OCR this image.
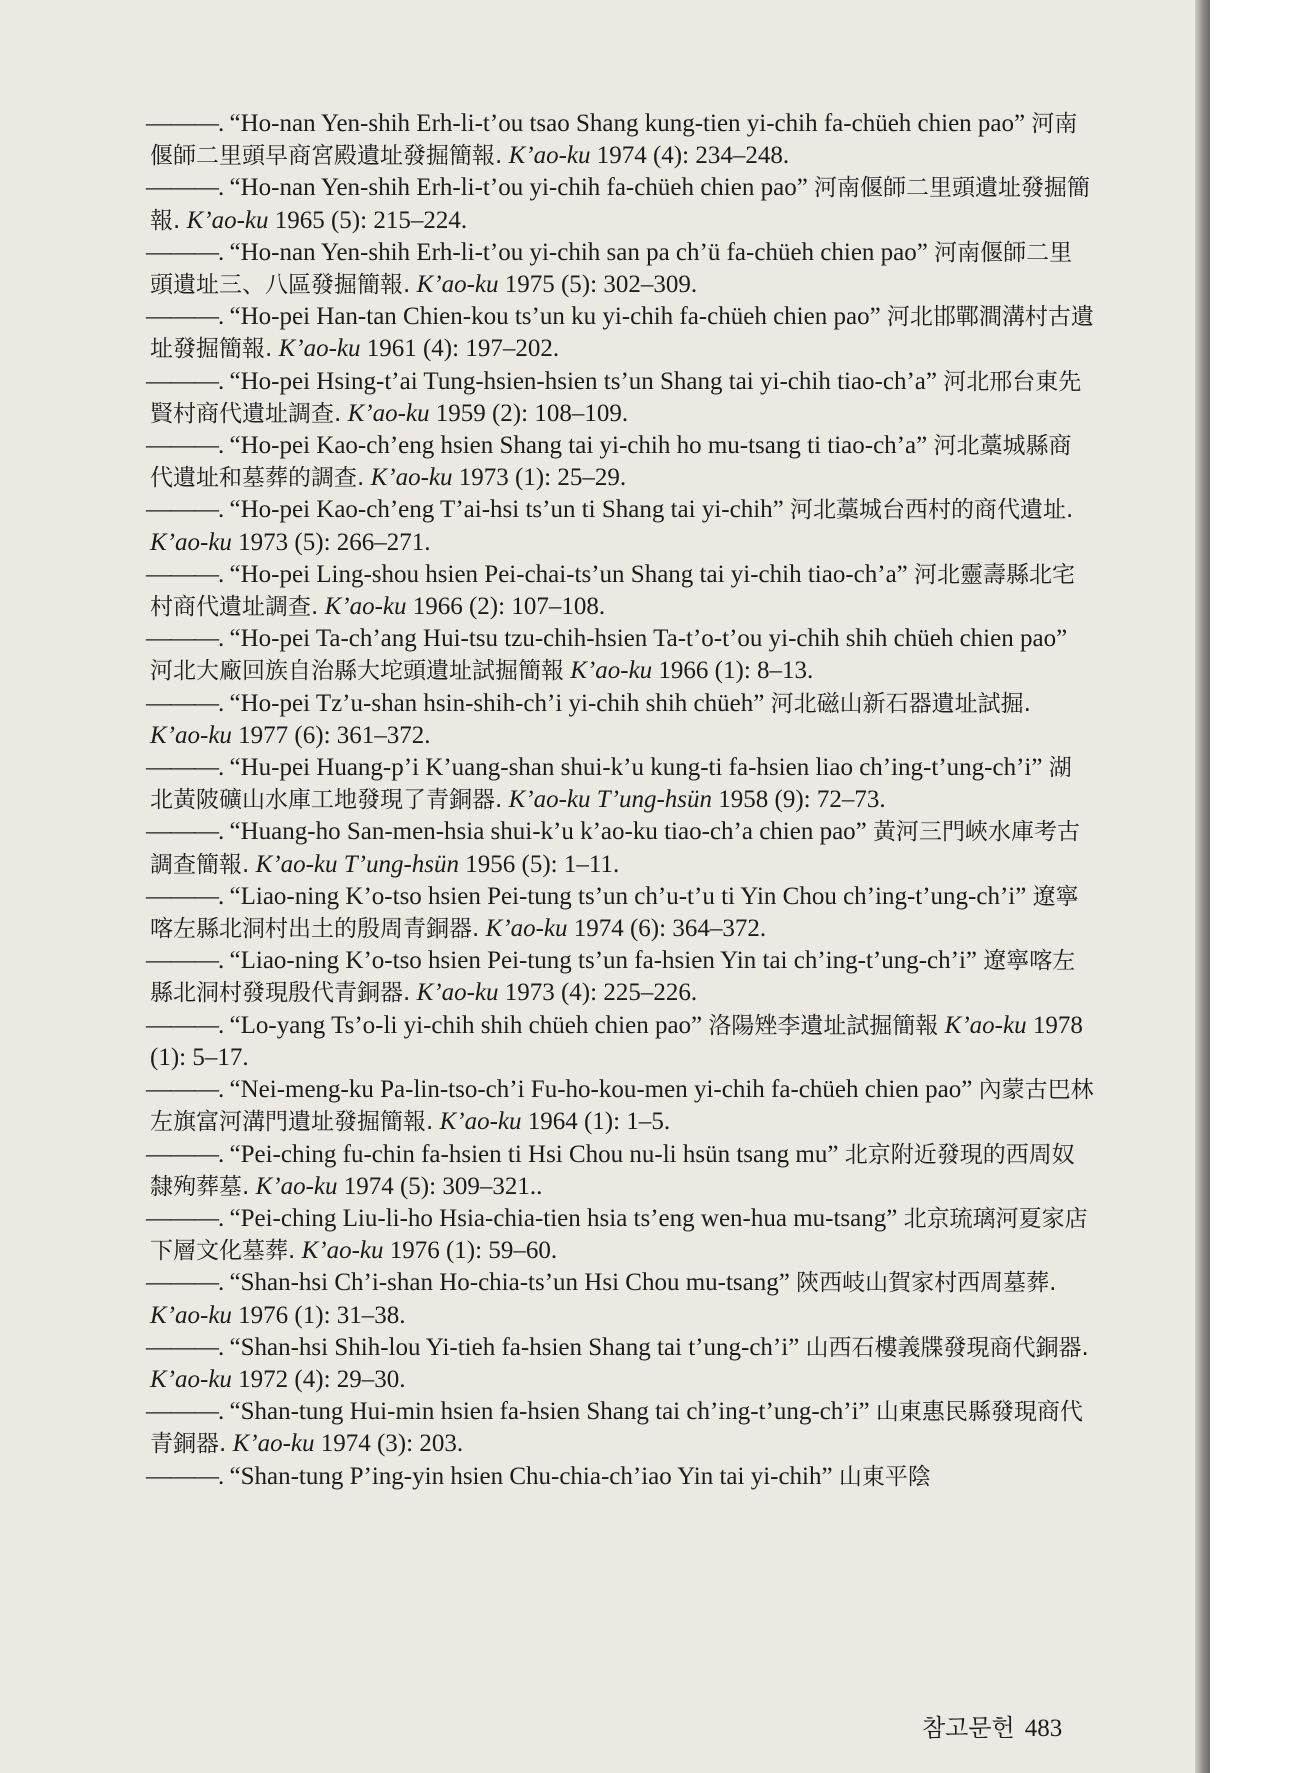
———. “Ho-nan Yen-shih Erh-li-t’ou tsao Shang kung-tien yi-chih fa-chüeh chien pao” 河南偃師二里頭早商宮殿遺址發掘簡報. K’ao-ku 1974 (4): 234–248.

———. “Ho-nan Yen-shih Erh-li-t’ou yi-chih fa-chüeh chien pao” 河南偃師二里頭遺址發掘簡報. K’ao-ku 1965 (5): 215–224.

———. “Ho-nan Yen-shih Erh-li-t’ou yi-chih san pa ch’ü fa-chüeh chien pao” 河南偃師二里頭遺址三、八區發掘簡報. K’ao-ku 1975 (5): 302–309.

———. “Ho-pei Han-tan Chien-kou ts’un ku yi-chih fa-chüeh chien pao” 河北邯鄲澗溝村古遺址發掘簡報. K’ao-ku 1961 (4): 197–202.

———. “Ho-pei Hsing-t’ai Tung-hsien-hsien ts’un Shang tai yi-chih tiao-ch’a” 河北邢台東先賢村商代遺址調查. K’ao-ku 1959 (2): 108–109.

———. “Ho-pei Kao-ch’eng hsien Shang tai yi-chih ho mu-tsang ti tiao-ch’a” 河北藁城縣商代遺址和墓葬的調查. K’ao-ku 1973 (1): 25–29.

———. “Ho-pei Kao-ch’eng T’ai-hsi ts’un ti Shang tai yi-chih” 河北藁城台西村的商代遺址. K’ao-ku 1973 (5): 266–271.

———. “Ho-pei Ling-shou hsien Pei-chai-ts’un Shang tai yi-chih tiao-ch’a” 河北靈壽縣北宅村商代遺址調查. K’ao-ku 1966 (2): 107–108.

———. “Ho-pei Ta-ch’ang Hui-tsu tzu-chih-hsien Ta-t’o-t’ou yi-chih shih chüeh chien pao” 河北大廠回族自治縣大坨頭遺址試掘簡報 K’ao-ku 1966 (1): 8–13.

———. “Ho-pei Tz’u-shan hsin-shih-ch’i yi-chih shih chüeh” 河北磁山新石器遺址試掘. K’ao-ku 1977 (6): 361–372.

———. “Hu-pei Huang-p’i K’uang-shan shui-k’u kung-ti fa-hsien liao ch’ing-t’ung-ch’i” 湖北黃陂礦山水庫工地發現了青銅器. K’ao-ku T’ung-hsün 1958 (9): 72–73.

———. “Huang-ho San-men-hsia shui-k’u k’ao-ku tiao-ch’a chien pao” 黃河三門峽水庫考古調查簡報. K’ao-ku T’ung-hsün 1956 (5): 1–11.

———. “Liao-ning K’o-tso hsien Pei-tung ts’un ch’u-t’u ti Yin Chou ch’ing-t’ung-ch’i” 遼寧喀左縣北洞村出土的殷周青銅器. K’ao-ku 1974 (6): 364–372.

———. “Liao-ning K’o-tso hsien Pei-tung ts’un fa-hsien Yin tai ch’ing-t’ung-ch’i” 遼寧喀左縣北洞村發現殷代青銅器. K’ao-ku 1973 (4): 225–226.

———. “Lo-yang Ts’o-li yi-chih shih chüeh chien pao” 洛陽矬李遺址試掘簡報 K’ao-ku 1978 (1): 5–17.

———. “Nei-meng-ku Pa-lin-tso-ch’i Fu-ho-kou-men yi-chih fa-chüeh chien pao” 內蒙古巴林左旗富河溝門遺址發掘簡報. K’ao-ku 1964 (1): 1–5.

———. “Pei-ching fu-chin fa-hsien ti Hsi Chou nu-li hsün tsang mu” 北京附近發現的西周奴隸殉葬墓. K’ao-ku 1974 (5): 309–321..

———. “Pei-ching Liu-li-ho Hsia-chia-tien hsia ts’eng wen-hua mu-tsang” 北京琉璃河夏家店下層文化墓葬. K’ao-ku 1976 (1): 59–60.

———. “Shan-hsi Ch’i-shan Ho-chia-ts’un Hsi Chou mu-tsang” 陝西岐山賀家村西周墓葬. K’ao-ku 1976 (1): 31–38.

———. “Shan-hsi Shih-lou Yi-tieh fa-hsien Shang tai t’ung-ch’i” 山西石樓義牒發現商代銅器. K’ao-ku 1972 (4): 29–30.

———. “Shan-tung Hui-min hsien fa-hsien Shang tai ch’ing-t’ung-ch’i” 山東惠民縣發現商代青銅器. K’ao-ku 1974 (3): 203.

———. “Shan-tung P’ing-yin hsien Chu-chia-ch’iao Yin tai yi-chih” 山東平陰

참고문헌 483
